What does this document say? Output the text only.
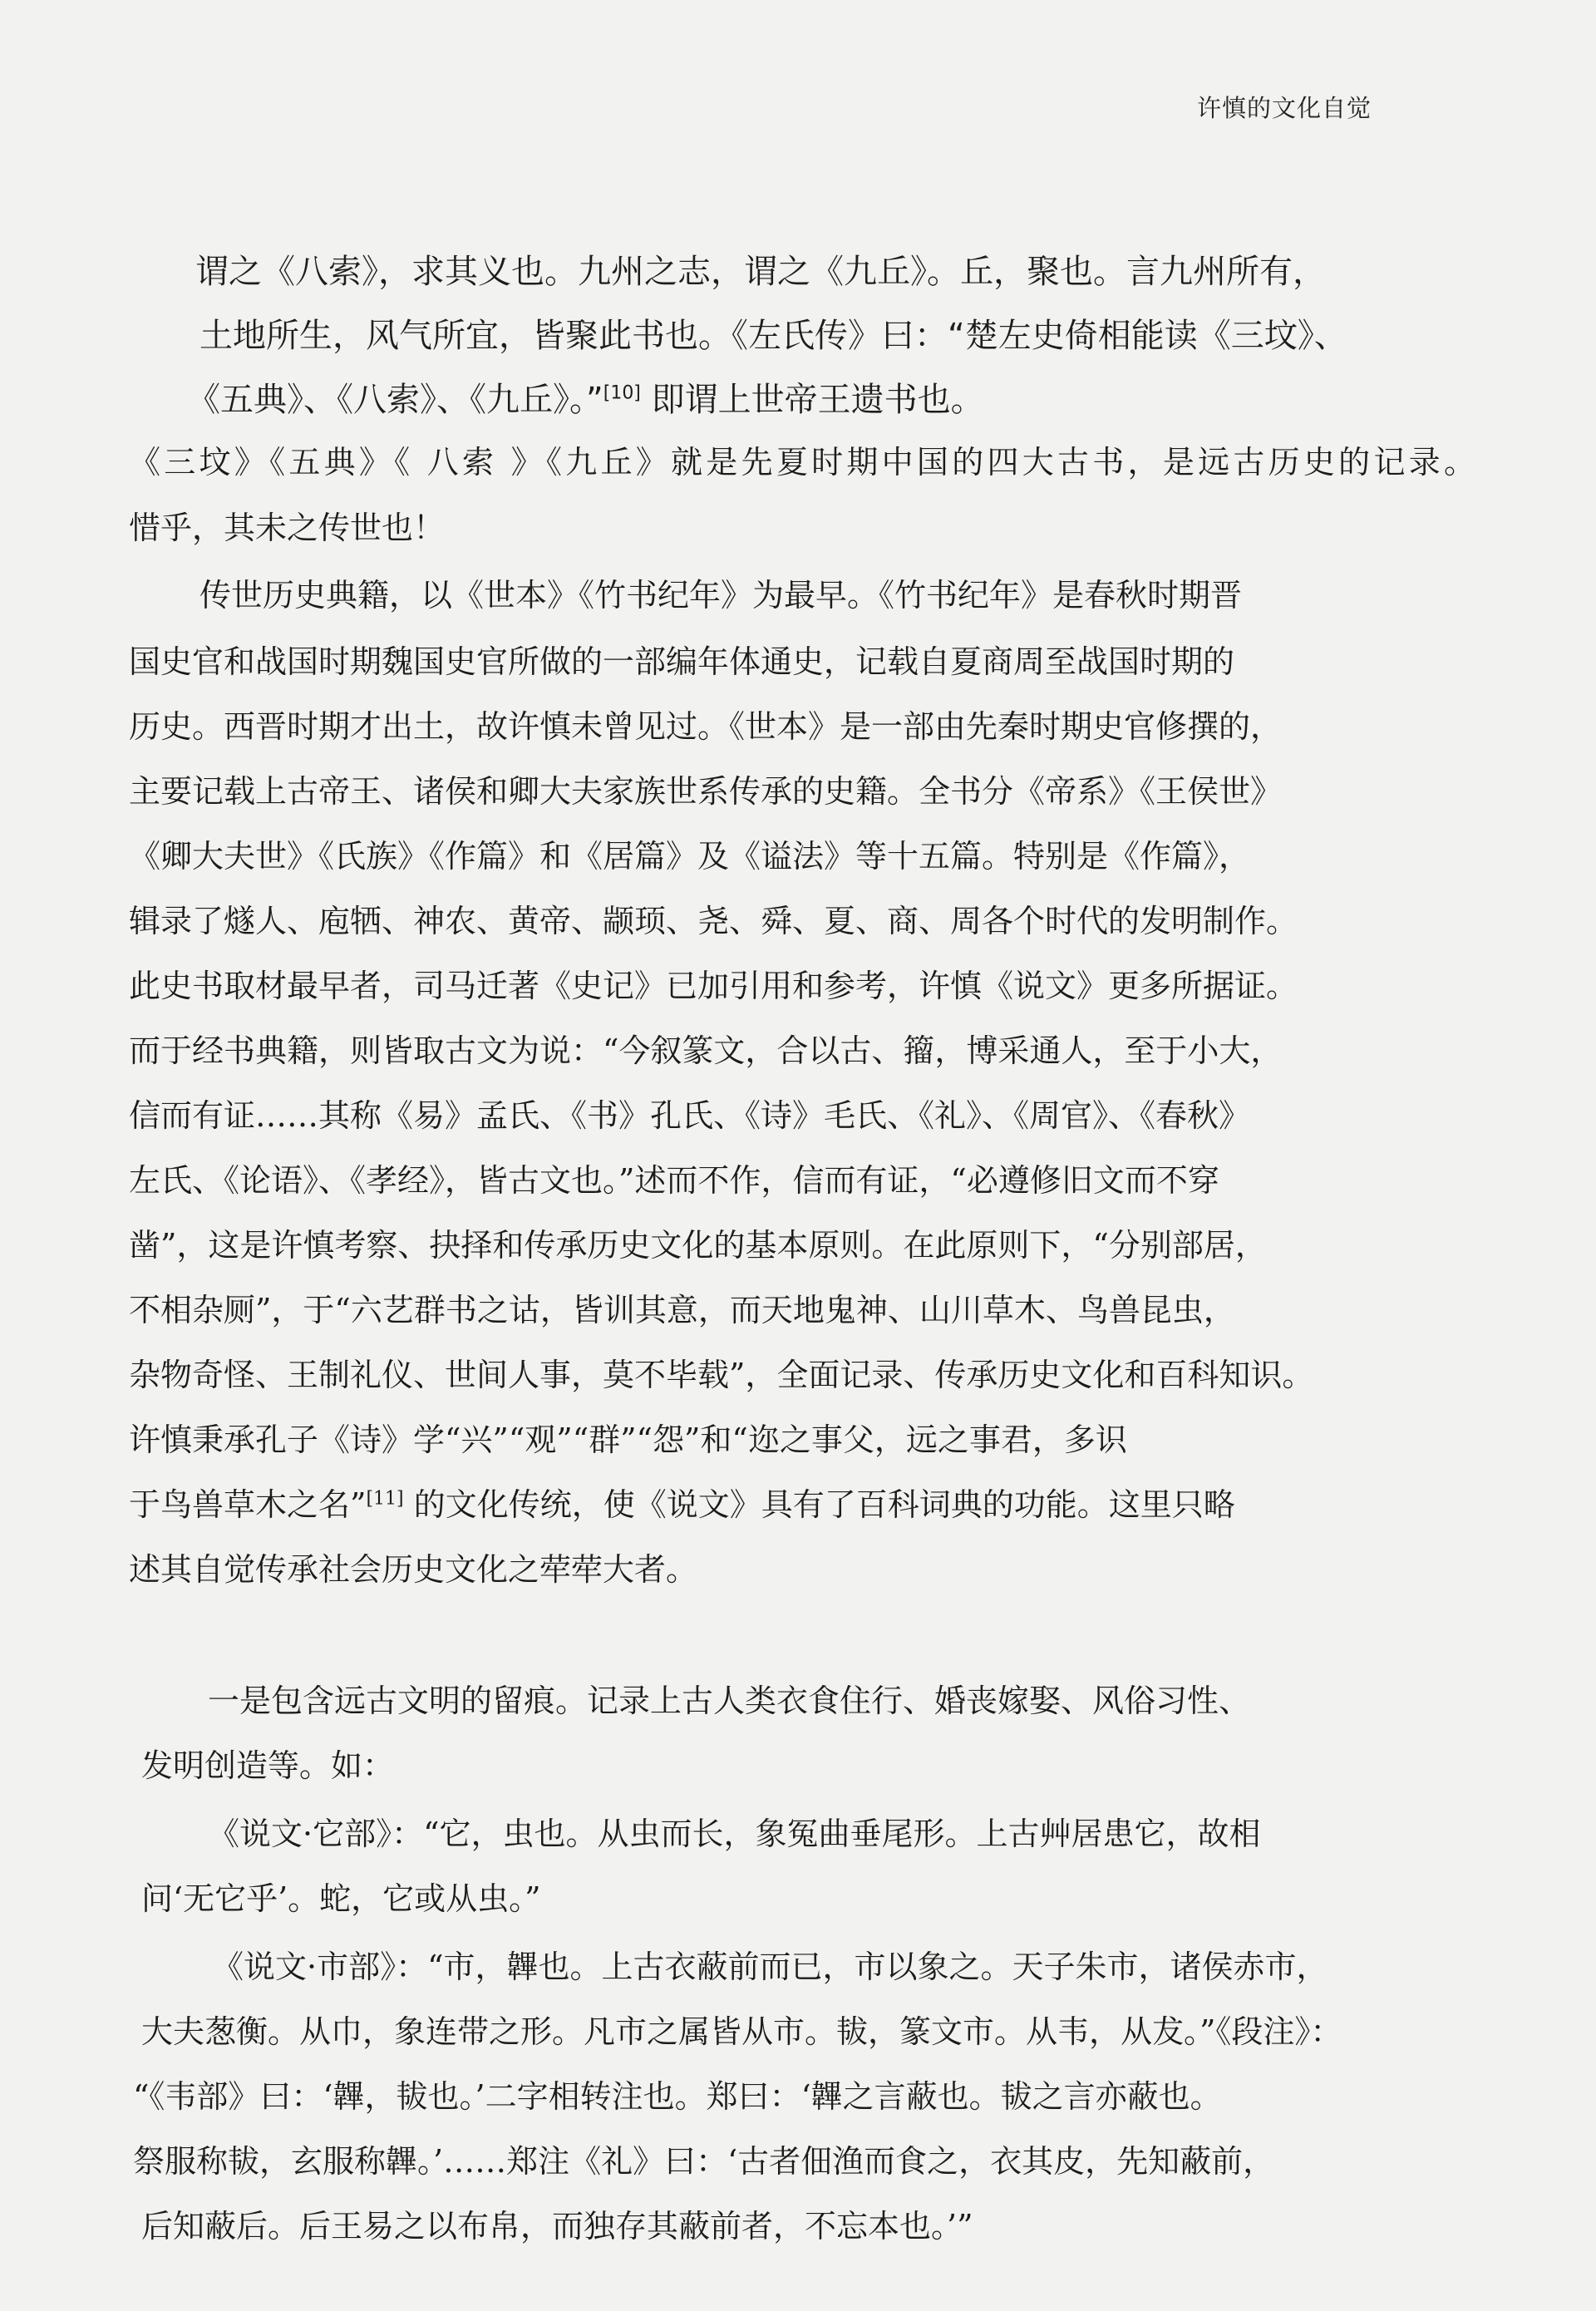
许慎的文化自觉
谓之《八索》，求其义也。九州之志，谓之《九丘》。丘，聚也。言九州所有，
土地所生，风气所宜，皆聚此书也。《左氏传》曰：“楚左史倚相能读《三坟》、
《五典》、《八索》、《九丘》。”[10] 即谓上世帝王遗书也。
《三坟》《五典》《 八索 》《九丘》就是先夏时期中国的四大古书，是远古历史的记录。
惜乎，其未之传世也！
传世历史典籍，以《世本》《竹书纪年》为最早。《竹书纪年》是春秋时期晋
国史官和战国时期魏国史官所做的一部编年体通史，记载自夏商周至战国时期的
历史。西晋时期才出土，故许慎未曾见过。《世本》是一部由先秦时期史官修撰的，
主要记载上古帝王、诸侯和卿大夫家族世系传承的史籍。全书分《帝系》《王侯世》
《卿大夫世》《氏族》《作篇》和《居篇》及《谥法》等十五篇。特别是《作篇》，
辑录了燧人、庖牺、神农、黄帝、颛顼、尧、舜、夏、商、周各个时代的发明制作。
此史书取材最早者，司马迁著《史记》已加引用和参考，许慎《说文》更多所据证。
而于经书典籍，则皆取古文为说：“今叙篆文，合以古、籀，博采通人，至于小大，
信而有证……其称《易》孟氏、《书》孔氏、《诗》毛氏、《礼》、《周官》、《春秋》
左氏、《论语》、《孝经》，皆古文也。”述而不作，信而有证，“必遵修旧文而不穿
凿”，这是许慎考察、抉择和传承历史文化的基本原则。在此原则下，“分别部居，
不相杂厕”，于“六艺群书之诂，皆训其意，而天地鬼神、山川草木、鸟兽昆虫，
杂物奇怪、王制礼仪、世间人事，莫不毕载”，全面记录、传承历史文化和百科知识。
许慎秉承孔子《诗》学“兴”“观”“群”“怨”和“迩之事父，远之事君，多识
于鸟兽草木之名”[11] 的文化传统，使《说文》具有了百科词典的功能。这里只略
述其自觉传承社会历史文化之荦荦大者。
一是包含远古文明的留痕。记录上古人类衣食住行、婚丧嫁娶、风俗习性、
发明创造等。如：
《说文·它部》：“它，虫也。从虫而长，象冤曲垂尾形。上古艸居患它，故相
问‘无它乎’。蛇，它或从虫。”
《说文·市部》：“市，韠也。上古衣蔽前而已，市以象之。天子朱市，诸侯赤市，
大夫葱衡。从巾，象连带之形。凡市之属皆从市。韨，篆文市。从韦，从犮。”《段注》：
“《韦部》曰：‘韠，韨也。’二字相转注也。郑曰：‘韠之言蔽也。韨之言亦蔽也。
祭服称韨，玄服称韠。’……郑注《礼》曰：‘古者佃渔而食之，衣其皮，先知蔽前，
后知蔽后。后王易之以布帛，而独存其蔽前者，不忘本也。’”
